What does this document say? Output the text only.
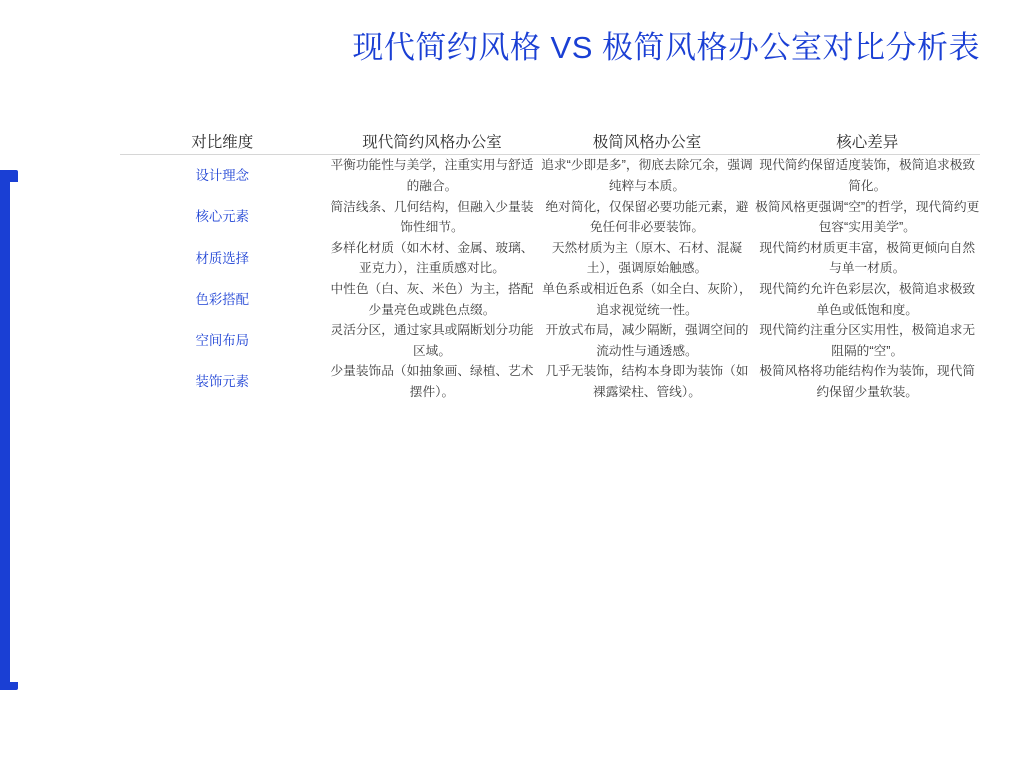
现代简约风格 VS 极简风格办公室对比分析表
对比维度	现代简约风格办公室	极简风格办公室	核心差异
设计理念	平衡功能性与美学，注重实用与舒适的融合。	追求“少即是多”，彻底去除冗余，强调纯粹与本质。	现代简约保留适度装饰，极简追求极致简化。
核心元素	简洁线条、几何结构，但融入少量装饰性细节。	绝对简化，仅保留必要功能元素，避免任何非必要装饰。	极简风格更强调“空”的哲学，现代简约更包容“实用美学”。
材质选择	多样化材质（如木材、金属、玻璃、亚克力），注重质感对比。	天然材质为主（原木、石材、混凝土），强调原始触感。	现代简约材质更丰富，极简更倾向自然与单一材质。
色彩搭配	中性色（白、灰、米色）为主，搭配少量亮色或跳色点缀。	单色系或相近色系（如全白、灰阶），追求视觉统一性。	现代简约允许色彩层次，极简追求极致单色或低饱和度。
空间布局	灵活分区，通过家具或隔断划分功能区域。	开放式布局，减少隔断，强调空间的流动性与通透感。	现代简约注重分区实用性，极简追求无阻隔的“空”。
装饰元素	少量装饰品（如抽象画、绿植、艺术摆件）。	几乎无装饰，结构本身即为装饰（如裸露梁柱、管线）。	极简风格将功能结构作为装饰，现代简约保留少量软装。
